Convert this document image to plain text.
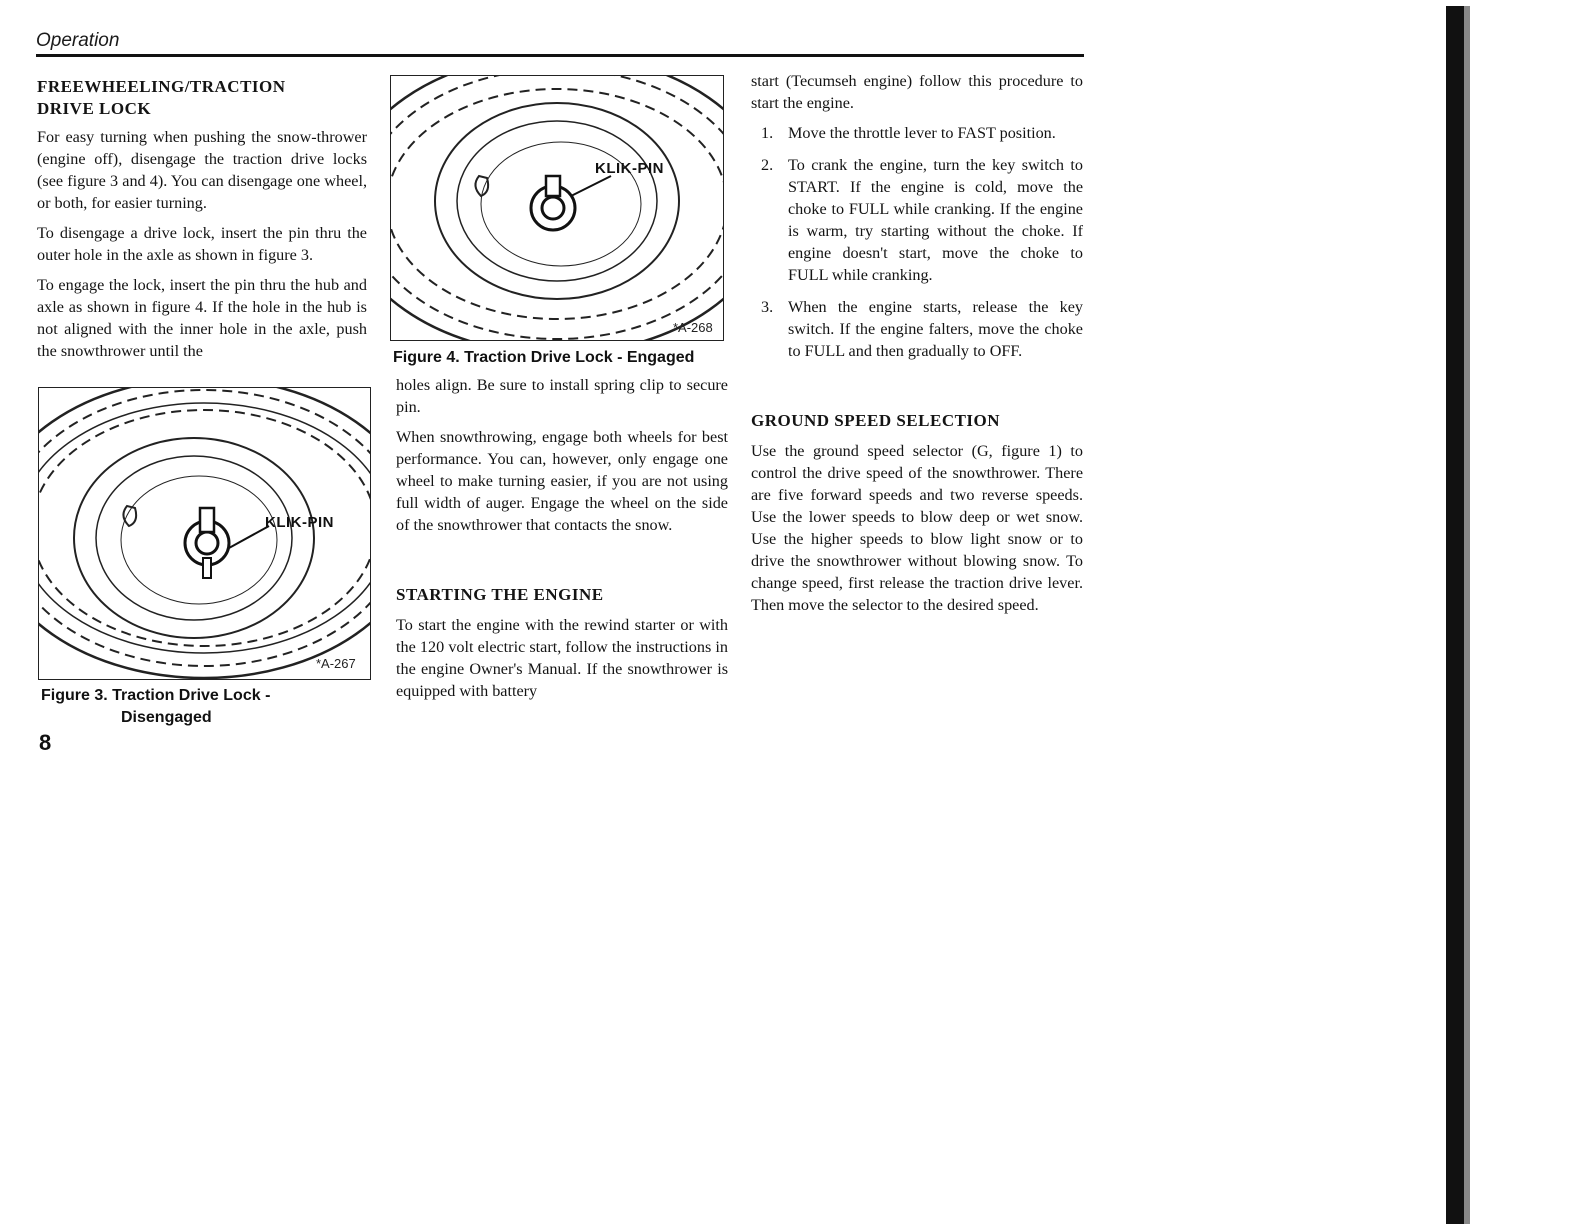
Operation
FREEWHEELING/TRACTION
DRIVE LOCK

For easy turning when pushing the snow-thrower (engine off), disengage the traction drive locks (see figure 3 and 4). You can disengage one wheel, or both, for easier turning.

To disengage a drive lock, insert the pin thru the outer hole in the axle as shown in figure 3.

To engage the lock, insert the pin thru the hub and axle as shown in figure 4. If the hole in the hub is not aligned with the inner hole in the axle, push the snowthrower until the

KLIK-PIN
*A-267
Figure 3. Traction Drive Lock -
Disengaged
8
KLIK-PIN
*A-268
Figure 4. Traction Drive Lock - Engaged

holes align. Be sure to install spring clip to secure pin.

When snowthrowing, engage both wheels for best performance. You can, however, only engage one wheel to make turning easier, if you are not using full width of auger. Engage the wheel on the side of the snowthrower that contacts the snow.

STARTING THE ENGINE

To start the engine with the rewind starter or with the 120 volt electric start, follow the instructions in the engine Owner's Manual. If the snowthrower is equipped with battery

start (Tecumseh engine) follow this procedure to start the engine.

1. Move the throttle lever to FAST position.
2. To crank the engine, turn the key switch to START. If the engine is cold, move the choke to FULL while cranking. If the engine is warm, try starting without the choke. If engine doesn't start, move the choke to FULL while cranking.
3. When the engine starts, release the key switch. If the engine falters, move the choke to FULL and then gradually to OFF.
GROUND SPEED SELECTION

Use the ground speed selector (G, figure 1) to control the drive speed of the snowthrower. There are five forward speeds and two reverse speeds. Use the lower speeds to blow deep or wet snow. Use the higher speeds to blow light snow or to drive the snowthrower without blowing snow. To change speed, first release the traction drive lever. Then move the selector to the desired speed.
